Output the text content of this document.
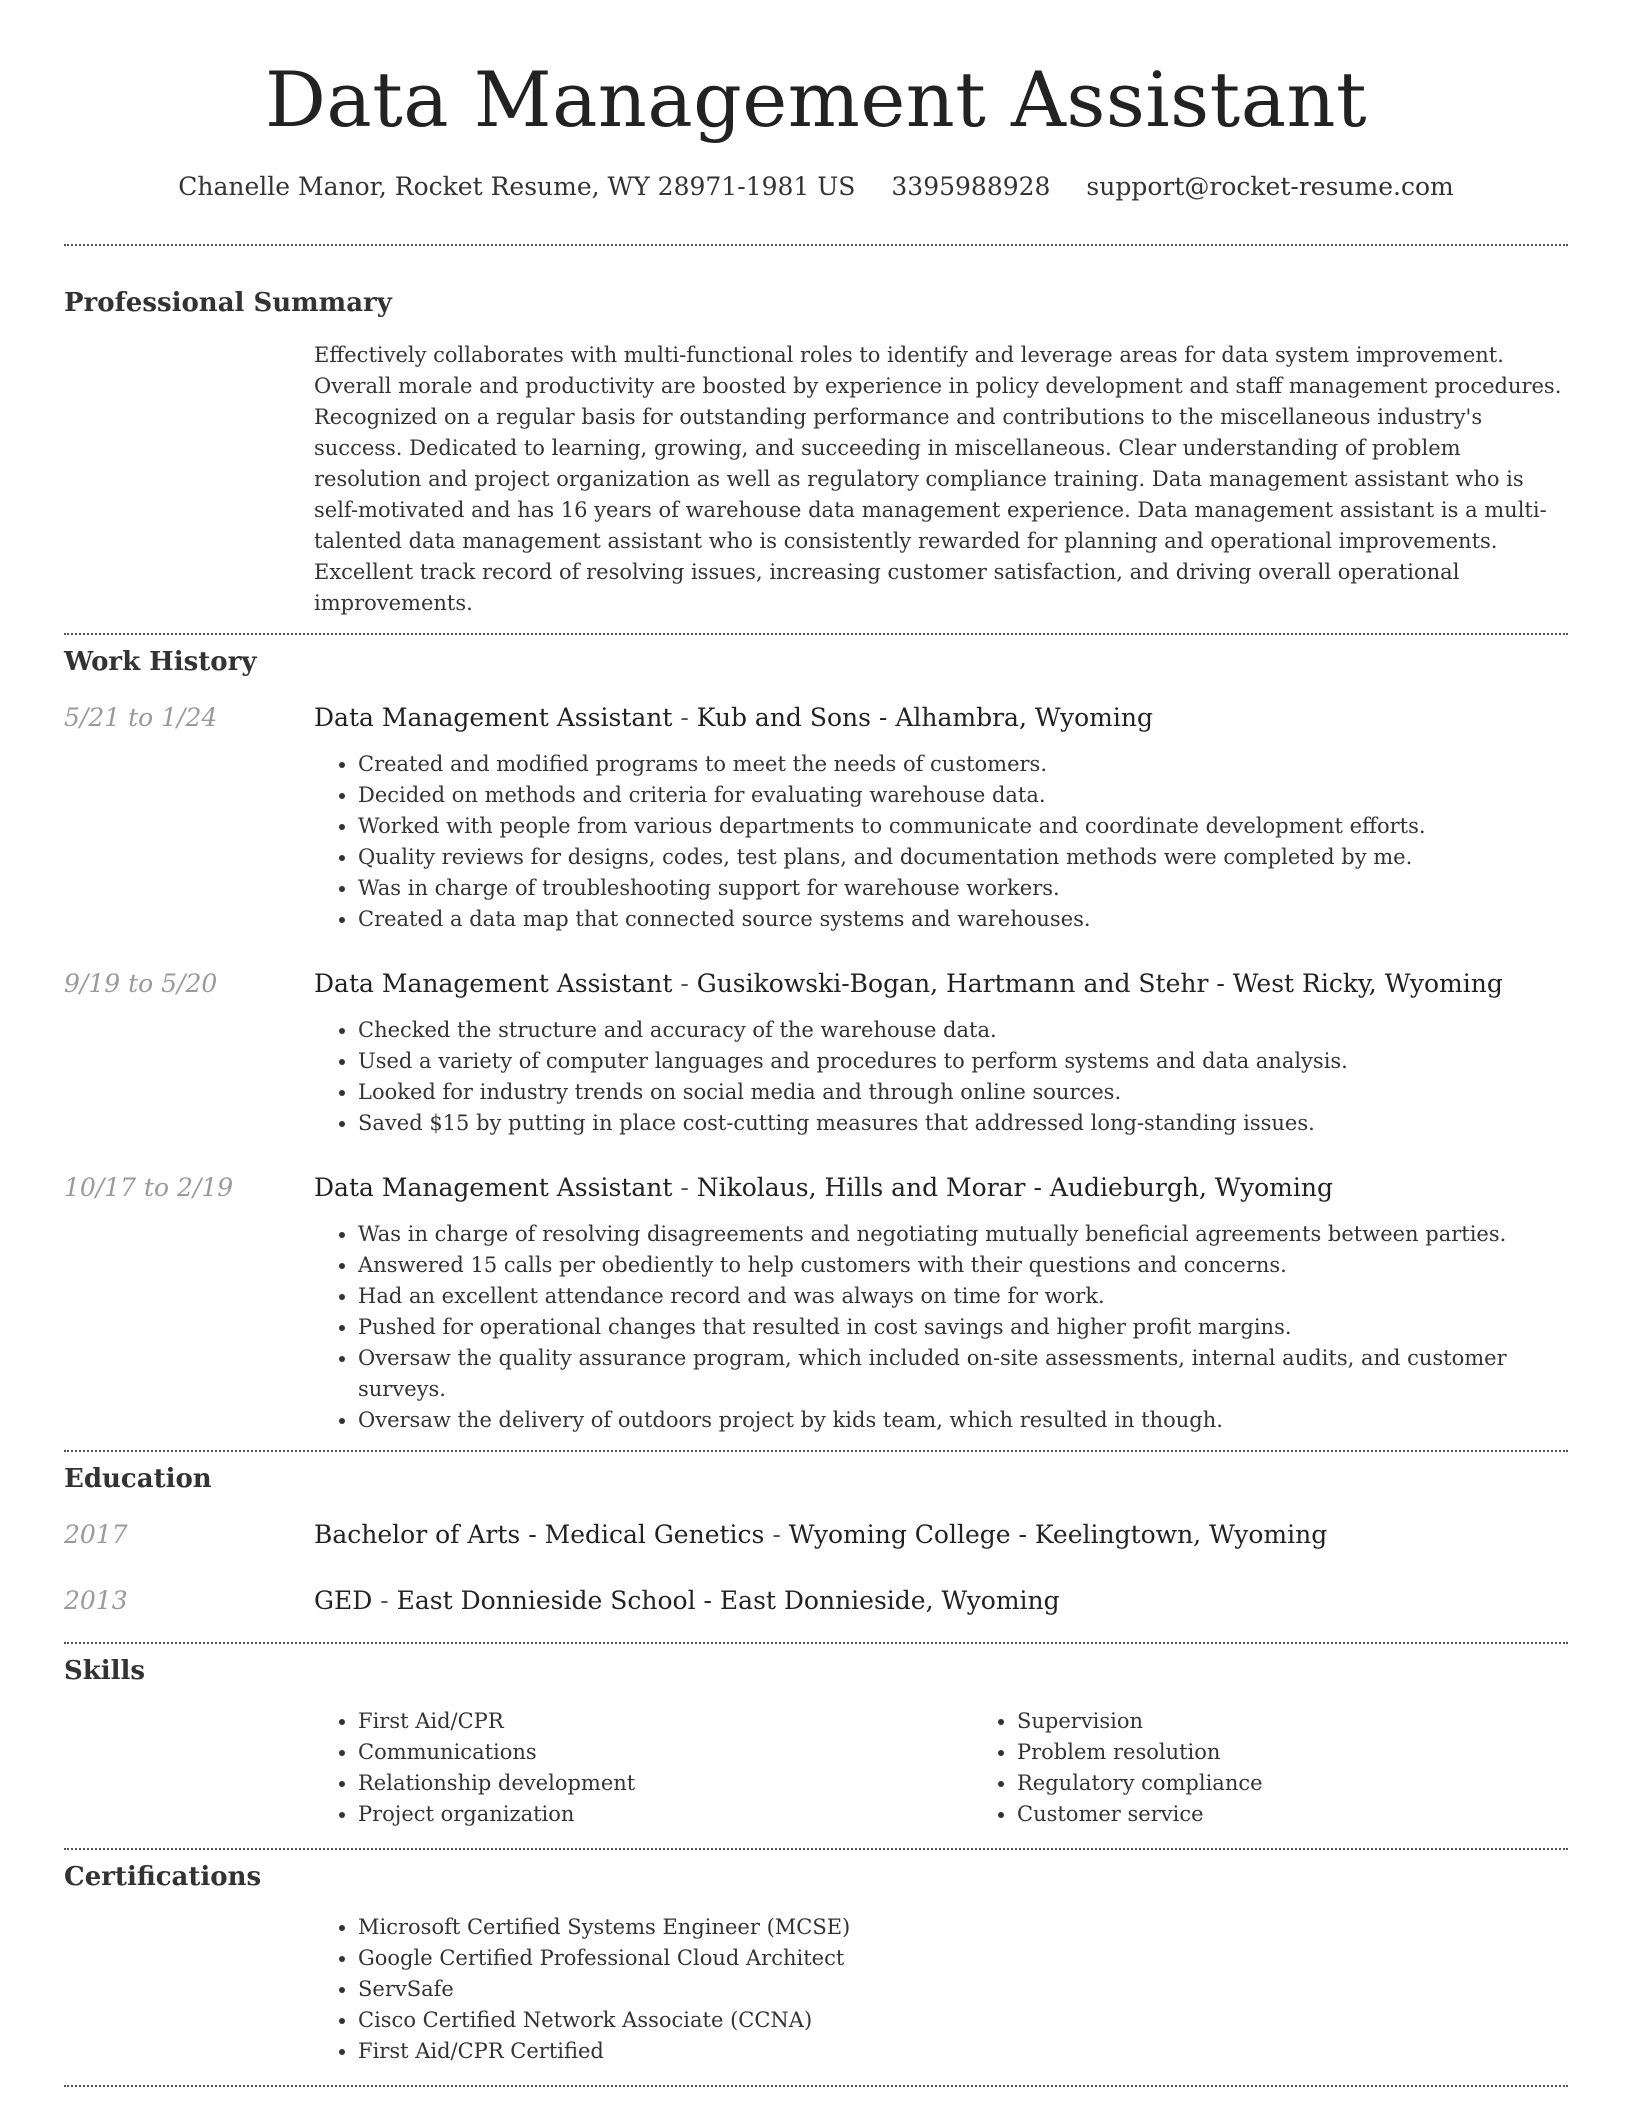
Data Management Assistant
Chanelle Manor, Rocket Resume, WY 28971-1981 US 3395988928 support@rocket-resume.com
Professional Summary

Effectively collaborates with multi-functional roles to identify and leverage areas for data system improvement. Overall morale and productivity are boosted by experience in policy development and staff management procedures. Recognized on a regular basis for outstanding performance and contributions to the miscellaneous industry's success. Dedicated to learning, growing, and succeeding in miscellaneous. Clear understanding of problem resolution and project organization as well as regulatory compliance training. Data management assistant who is self-motivated and has 16 years of warehouse data management experience. Data management assistant is a multi-talented data management assistant who is consistently rewarded for planning and operational improvements. Excellent track record of resolving issues, increasing customer satisfaction, and driving overall operational improvements.

Work History
5/21 to 1/24	Data Management Assistant - Kub and Sons - Alhambra, Wyoming
• Created and modified programs to meet the needs of customers.
• Decided on methods and criteria for evaluating warehouse data.
• Worked with people from various departments to communicate and coordinate development efforts.
• Quality reviews for designs, codes, test plans, and documentation methods were completed by me.
• Was in charge of troubleshooting support for warehouse workers.
• Created a data map that connected source systems and warehouses.
9/19 to 5/20	Data Management Assistant - Gusikowski-Bogan, Hartmann and Stehr - West Ricky, Wyoming
• Checked the structure and accuracy of the warehouse data.
• Used a variety of computer languages and procedures to perform systems and data analysis.
• Looked for industry trends on social media and through online sources.
• Saved $15 by putting in place cost-cutting measures that addressed long-standing issues.
10/17 to 2/19	Data Management Assistant - Nikolaus, Hills and Morar - Audieburgh, Wyoming
• Was in charge of resolving disagreements and negotiating mutually beneficial agreements between parties.
• Answered 15 calls per obediently to help customers with their questions and concerns.
• Had an excellent attendance record and was always on time for work.
• Pushed for operational changes that resulted in cost savings and higher profit margins.
• Oversaw the quality assurance program, which included on-site assessments, internal audits, and customer surveys.
• Oversaw the delivery of outdoors project by kids team, which resulted in though.
Education
2017	Bachelor of Arts - Medical Genetics - Wyoming College - Keelingtown, Wyoming
2013	GED - East Donnieside School - East Donnieside, Wyoming
Skills
• First Aid/CPR
• Communications
• Relationship development
• Project organization
• Supervision
• Problem resolution
• Regulatory compliance
• Customer service
Certifications
• Microsoft Certified Systems Engineer (MCSE)
• Google Certified Professional Cloud Architect
• ServSafe
• Cisco Certified Network Associate (CCNA)
• First Aid/CPR Certified
